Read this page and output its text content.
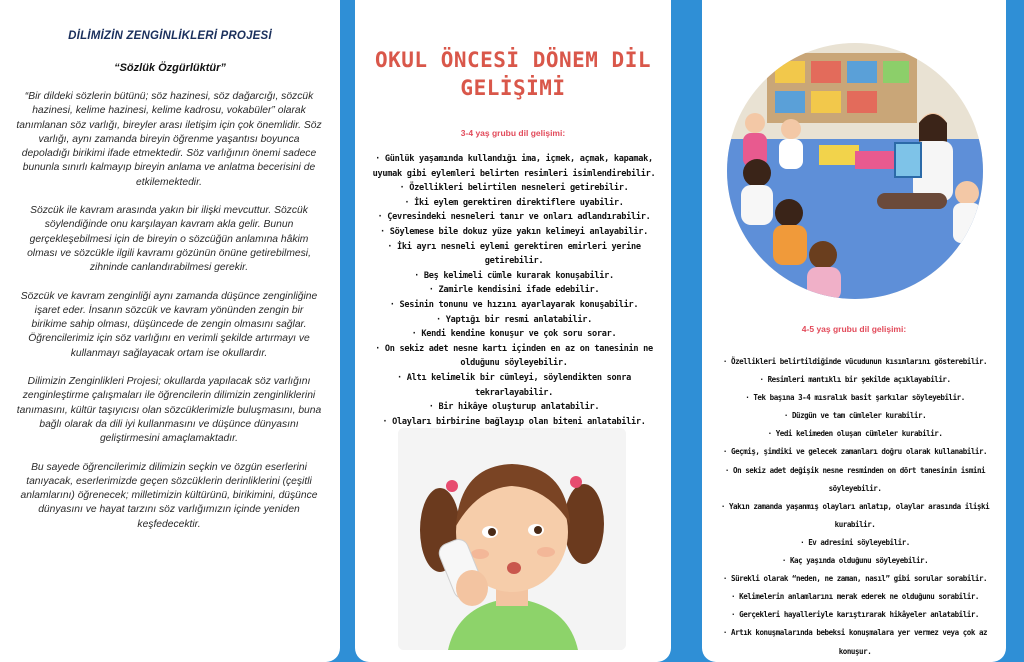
DİLİMİZİN ZENGİNLİKLERİ PROJESİ
“Sözlük Özgürlüktür”

“Bir dildeki sözlerin bütünü; söz hazinesi, söz dağarcığı, sözcük hazinesi, kelime hazinesi, kelime kadrosu, vokabüler” olarak tanımlanan söz varlığı, bireyler arası iletişim için çok önemlidir. Söz varlığı, aynı zamanda bireyin öğrenme yaşantısı boyunca depoladığı birikimi ifade etmektedir. Söz varlığının önemi sadece bununla sınırlı kalmayıp bireyin anlama ve anlatma becerisini de etkilemektedir.

Sözcük ile kavram arasında yakın bir ilişki mevcuttur. Sözcük söylendiğinde onu karşılayan kavram akla gelir. Bunun gerçekleşebilmesi için de bireyin o sözcüğün anlamına hâkim olması ve sözcükle ilgili kavramı gözünün önüne getirebilmesi, zihninde canlandırabilmesi gerekir.

Sözcük ve kavram zenginliği aynı zamanda düşünce zenginliğine işaret eder. İnsanın sözcük ve kavram yönünden zengin bir birikime sahip olması, düşüncede de zengin olmasını sağlar. Öğrencilerimiz için söz varlığını en verimli şekilde artırmayı ve kullanmayı sağlayacak ortam ise okullardır.

Dilimizin Zenginlikleri Projesi; okullarda yapılacak söz varlığını zenginleştirme çalışmaları ile öğrencilerin dilimizin zenginliklerini tanımasını, kültür taşıyıcısı olan sözcüklerimizle buluşmasını, buna bağlı olarak da dili iyi kullanmasını ve düşünce dünyasını geliştirmesini amaçlamaktadır.

Bu sayede öğrencilerimiz dilimizin seçkin ve özgün eserlerini tanıyacak, eserlerimizde geçen sözcüklerin derinliklerini (çeşitli anlamlarını) öğrenecek; milletimizin kültürünü, birikimini, düşünce dünyasını ve hayat tarzını söz varlığımızın içinde yeniden keşfedecektir.

OKUL ÖNCESİ DÖNEM DİL GELİŞİMİ
3-4 yaş grubu dil gelişimi:
· Günlük yaşamında kullandığı ima, içmek, açmak, kapamak, uyumak gibi eylemleri belirten resimleri isimlendirebilir.
· Özellikleri belirtilen nesneleri getirebilir.
· İki eylem gerektiren direktiflere uyabilir.
· Çevresindeki nesneleri tanır ve onları adlandırabilir.
· Söylemese bile dokuz yüze yakın kelimeyi anlayabilir.
· İki ayrı nesneli eylemi gerektiren emirleri yerine getirebilir.
· Beş kelimeli cümle kurarak konuşabilir.
· Zamirle kendisini ifade edebilir.
· Sesinin tonunu ve hızını ayarlayarak konuşabilir.
· Yaptığı bir resmi anlatabilir.
· Kendi kendine konuşur ve çok soru sorar.
· On sekiz adet nesne kartı içinden en az on tanesinin ne olduğunu söyleyebilir.
· Altı kelimelik bir cümleyi, söylendikten sonra tekrarlayabilir.
· Bir hikâye oluşturup anlatabilir.
· Olayları birbirine bağlayıp olan biteni anlatabilir.
4-5 yaş grubu dil gelişimi:
· Özellikleri belirtildiğinde vücudunun kısımlarını gösterebilir.
· Resimleri mantıklı bir şekilde açıklayabilir.
· Tek başına 3-4 mısralık basit şarkılar söyleyebilir.
· Düzgün ve tam cümleler kurabilir.
· Yedi kelimeden oluşan cümleler kurabilir.
· Geçmiş, şimdiki ve gelecek zamanları doğru olarak kullanabilir.
· On sekiz adet değişik nesne resminden on dört tanesinin ismini söyleyebilir.
· Yakın zamanda yaşanmış olayları anlatıp, olaylar arasında ilişki kurabilir.
· Ev adresini söyleyebilir.
· Kaç yaşında olduğunu söyleyebilir.
· Sürekli olarak “neden, ne zaman, nasıl” gibi sorular sorabilir.
· Kelimelerin anlamlarını merak ederek ne olduğunu sorabilir.
· Gerçekleri hayalleriyle karıştırarak hikâyeler anlatabilir.
· Artık konuşmalarında bebeksi konuşmalara yer vermez veya çok az konuşur.
